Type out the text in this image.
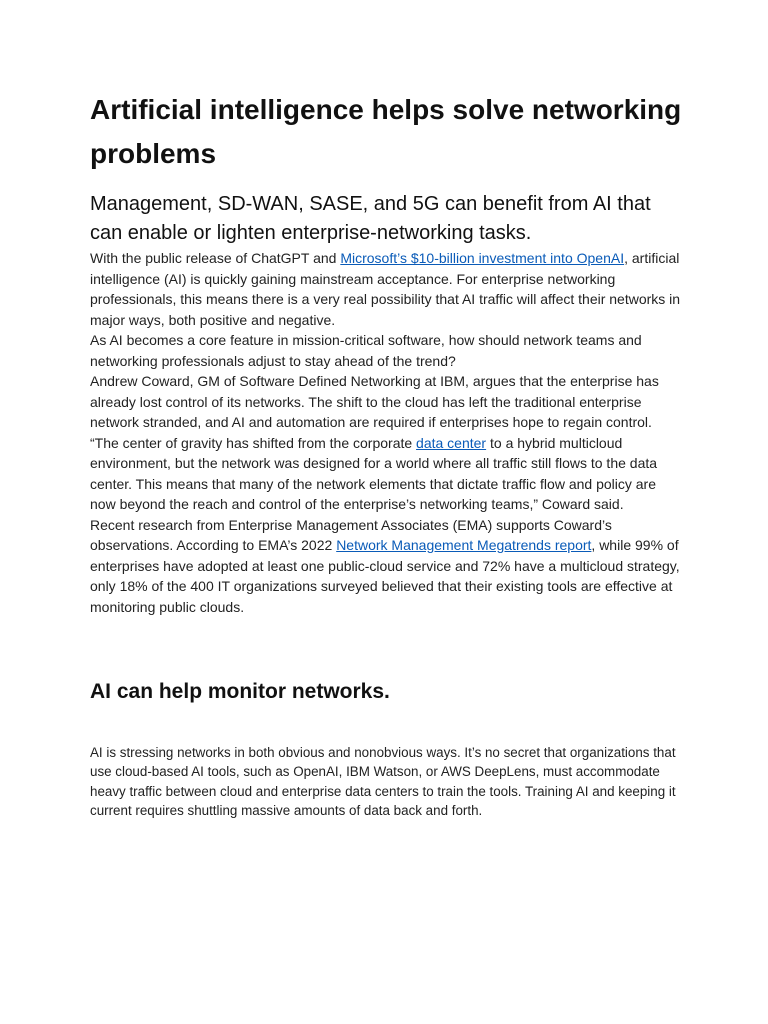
Artificial intelligence helps solve networking problems
Management, SD-WAN, SASE, and 5G can benefit from AI that can enable or lighten enterprise-networking tasks.

With the public release of ChatGPT and Microsoft’s $10-billion investment into OpenAI, artificial intelligence (AI) is quickly gaining mainstream acceptance. For enterprise networking professionals, this means there is a very real possibility that AI traffic will affect their networks in major ways, both positive and negative.

As AI becomes a core feature in mission-critical software, how should network teams and networking professionals adjust to stay ahead of the trend?

Andrew Coward, GM of Software Defined Networking at IBM, argues that the enterprise has already lost control of its networks. The shift to the cloud has left the traditional enterprise network stranded, and AI and automation are required if enterprises hope to regain control.

“The center of gravity has shifted from the corporate data center to a hybrid multicloud environment, but the network was designed for a world where all traffic still flows to the data center. This means that many of the network elements that dictate traffic flow and policy are now beyond the reach and control of the enterprise’s networking teams,” Coward said.

Recent research from Enterprise Management Associates (EMA) supports Coward’s observations. According to EMA’s 2022 Network Management Megatrends report, while 99% of enterprises have adopted at least one public-cloud service and 72% have a multicloud strategy, only 18% of the 400 IT organizations surveyed believed that their existing tools are effective at monitoring public clouds.

AI can help monitor networks.

AI is stressing networks in both obvious and nonobvious ways. It’s no secret that organizations that use cloud-based AI tools, such as OpenAI, IBM Watson, or AWS DeepLens, must accommodate heavy traffic between cloud and enterprise data centers to train the tools. Training AI and keeping it current requires shuttling massive amounts of data back and forth.
